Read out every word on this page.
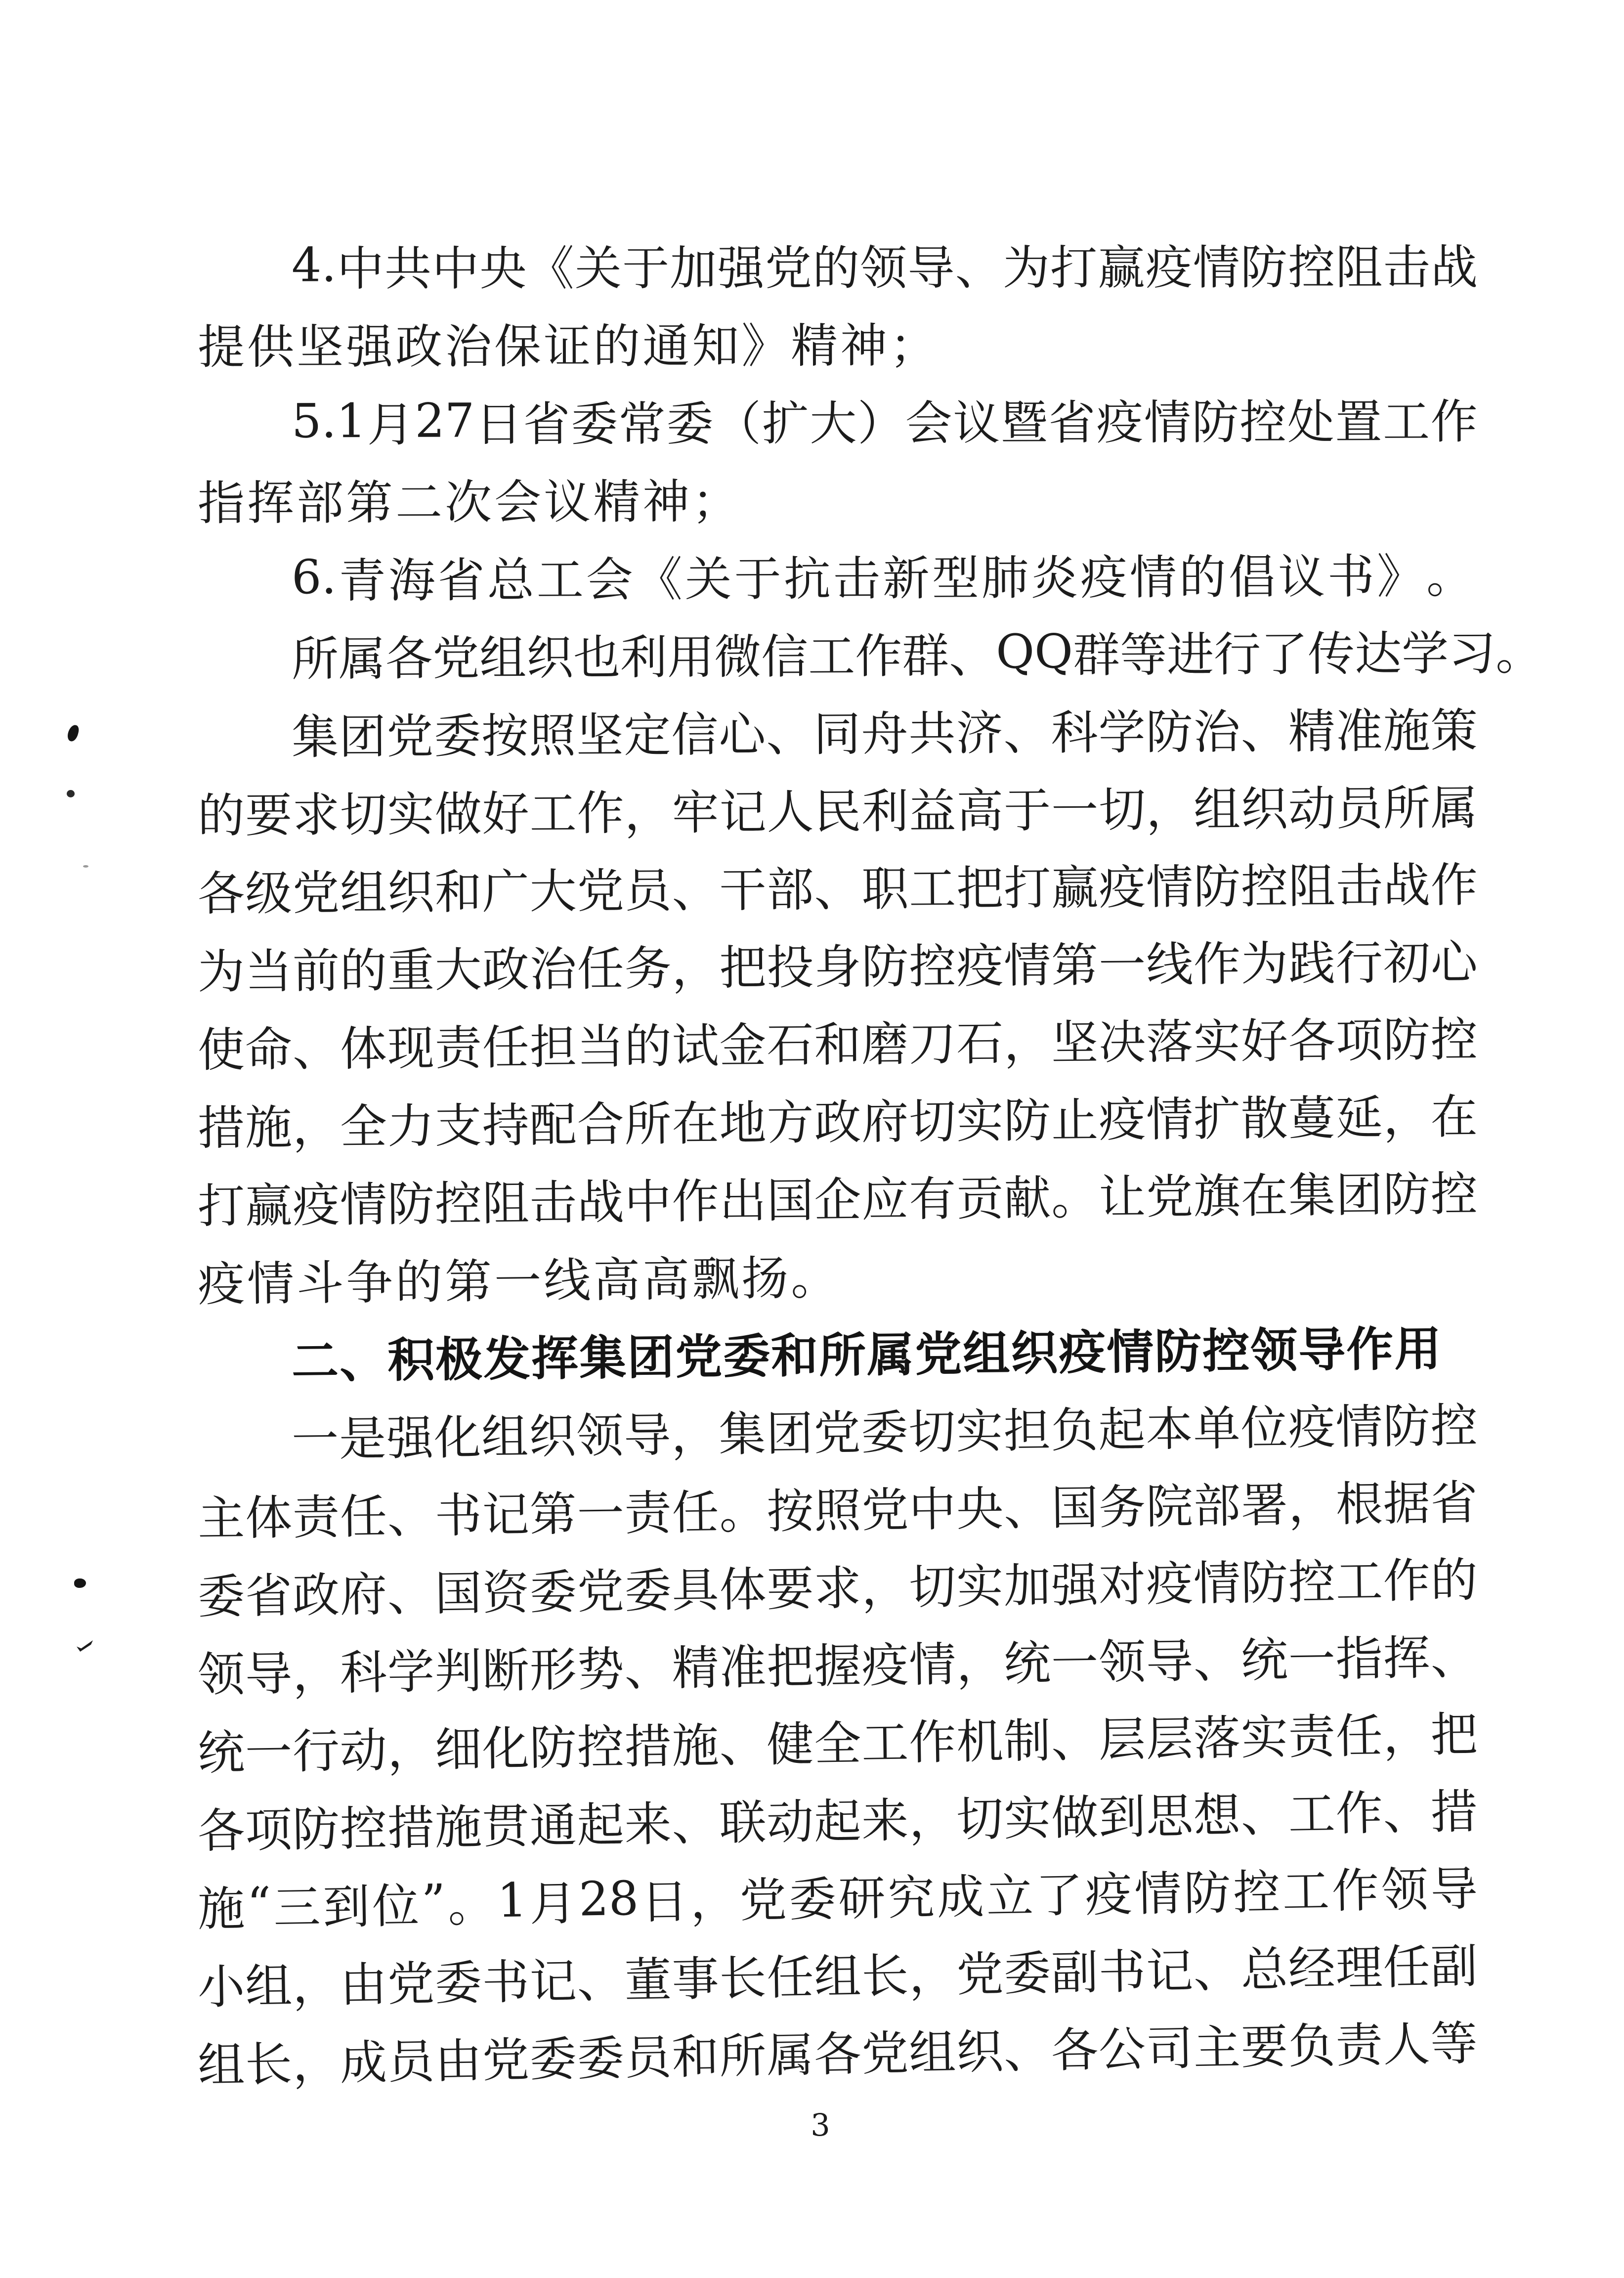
4. 中 共 中 央 《 关 于 加 强 党 的 领 导 、 为 打 赢 疫 情 防 控 阻 击 战
提 供 坚 强 政 治 保 证 的 通 知 》 精 神 ；
5.1 月 27 日 省 委 常 委 （ 扩 大 ） 会 议 暨 省 疫 情 防 控 处 置 工 作
指 挥 部 第 二 次 会 议 精 神 ；
6. 青 海 省 总 工 会 《 关 于 抗 击 新 型 肺 炎 疫 情 的 倡 议 书 》 。
所 属 各 党 组 织 也 利 用 微 信 工 作 群 、 QQ 群 等 进 行 了 传 达 学 习 。
集 团 党 委 按 照 坚 定 信 心 、 同 舟 共 济 、 科 学 防 治 、 精 准 施 策
的 要 求 切 实 做 好 工 作 ， 牢 记 人 民 利 益 高 于 一 切 ， 组 织 动 员 所 属
各 级 党 组 织 和 广 大 党 员 、 干 部 、 职 工 把 打 赢 疫 情 防 控 阻 击 战 作
为 当 前 的 重 大 政 治 任 务 ， 把 投 身 防 控 疫 情 第 一 线 作 为 践 行 初 心
使 命 、 体 现 责 任 担 当 的 试 金 石 和 磨 刀 石 ， 坚 决 落 实 好 各 项 防 控
措 施 ， 全 力 支 持 配 合 所 在 地 方 政 府 切 实 防 止 疫 情 扩 散 蔓 延 ， 在
打 赢 疫 情 防 控 阻 击 战 中 作 出 国 企 应 有 贡 献 。 让 党 旗 在 集 团 防 控
疫 情 斗 争 的 第 一 线 高 高 飘 扬 。
二 、 积 极 发 挥 集 团 党 委 和 所 属 党 组 织 疫 情 防 控 领 导 作 用
一 是 强 化 组 织 领 导 ， 集 团 党 委 切 实 担 负 起 本 单 位 疫 情 防 控
主 体 责 任 、 书 记 第 一 责 任 。 按 照 党 中 央 、 国 务 院 部 署 ， 根 据 省
委 省 政 府 、 国 资 委 党 委 具 体 要 求 ， 切 实 加 强 对 疫 情 防 控 工 作 的
领 导 ， 科 学 判 断 形 势 、 精 准 把 握 疫 情 ， 统 一 领 导 、 统 一 指 挥 、
统 一 行 动 ， 细 化 防 控 措 施 、 健 全 工 作 机 制 、 层 层 落 实 责 任 ， 把
各 项 防 控 措 施 贯 通 起 来 、 联 动 起 来 ， 切 实 做 到 思 想 、 工 作 、 措
施 “ 三 到 位 ” 。 1 月 28 日 ， 党 委 研 究 成 立 了 疫 情 防 控 工 作 领 导
小 组 ， 由 党 委 书 记 、 董 事 长 任 组 长 ， 党 委 副 书 记 、 总 经 理 任 副
组 长 ， 成 员 由 党 委 委 员 和 所 属 各 党 组 织 、 各 公 司 主 要 负 责 人 等
3
